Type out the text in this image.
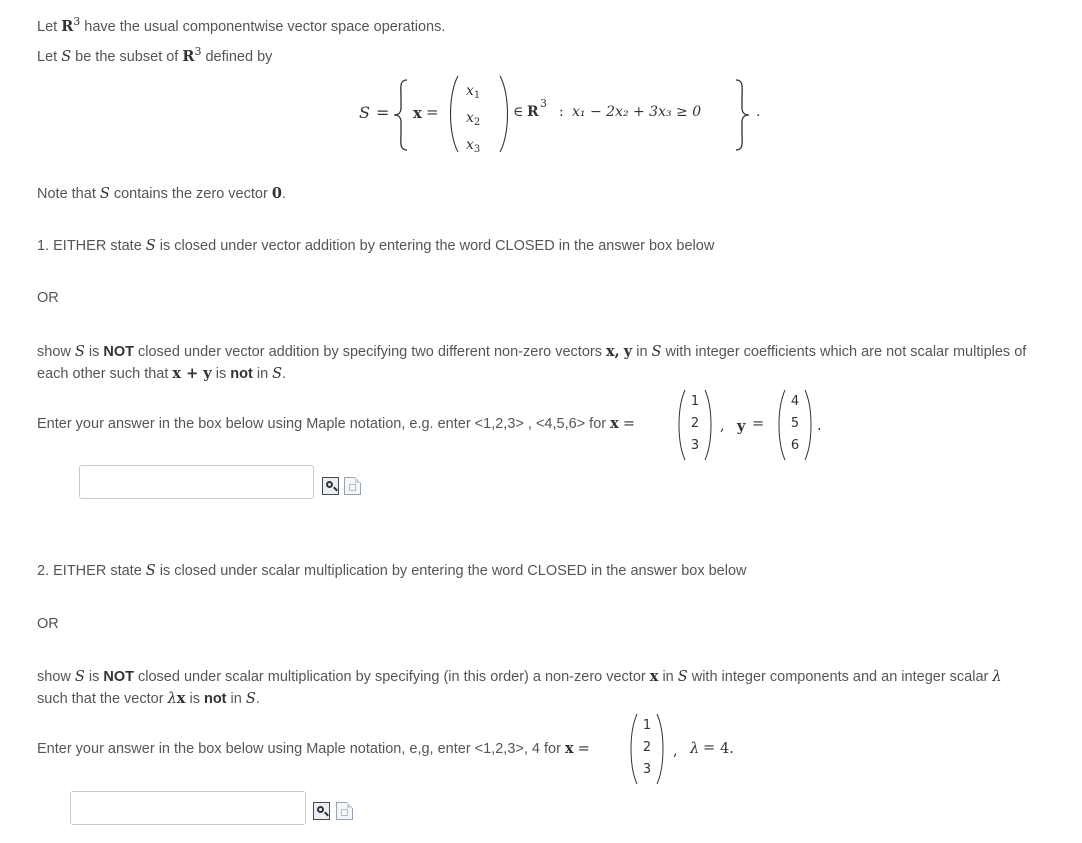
Let $R^3$ have the usual componentwise vector space operations.
Let S be the subset of $R^3$ defined by
S = x =
$x_1$
$x_2$
$x_3$
∈ R
3
: x₁ − 2x₂ + 3x₃ ≥ 0	.
Note that S contains the zero vector 0.
1. EITHER state S is closed under vector addition by entering the word CLOSED in the answer box below
OR
show S is NOT closed under vector addition by specifying two different non-zero vectors x, y in S with integer coefficients which are not scalar multiples of
each other such that x + y is not in S.
Enter your answer in the box below using Maple notation, e.g. enter <1,2,3> , <4,5,6> for x =
1
2
3
, y =
4
5
6
.
2. EITHER state S is closed under scalar multiplication by entering the word CLOSED in the answer box below
OR
show S is NOT closed under scalar multiplication by specifying (in this order) a non-zero vector x in S with integer components and an integer scalar λ
such that the vector λx is not in S.
Enter your answer in the box below using Maple notation, e,g, enter <1,2,3>, 4 for x =
1
2
3
, λ = 4.
